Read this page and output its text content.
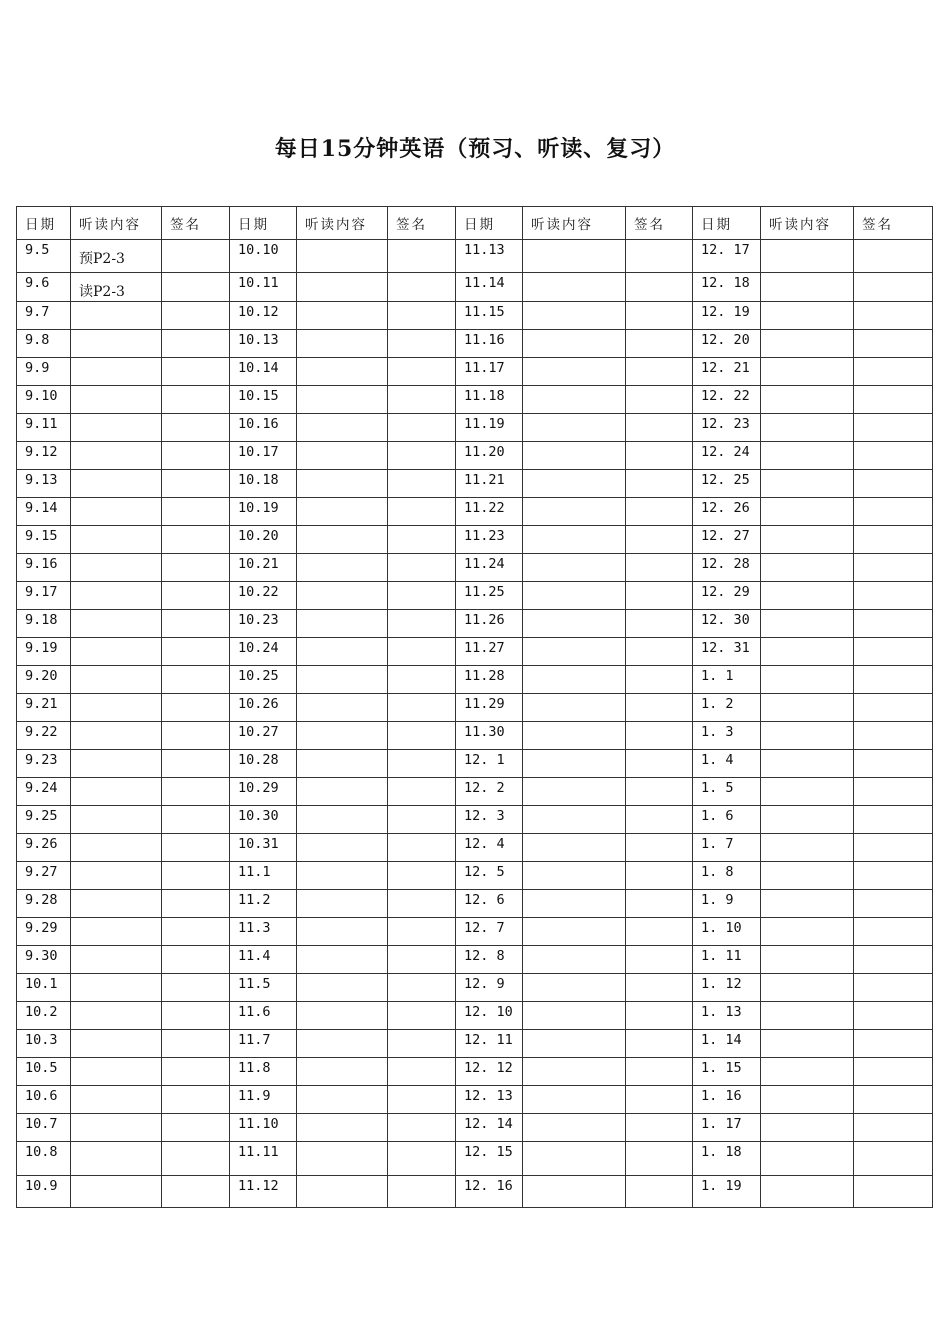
每日15分钟英语（预习、听读、复习）
日期	听读内容	签名	日期	听读内容	签名	日期	听读内容	签名	日期	听读内容	签名
9.5	预P2-3		10.10			11.13			12. 17		
9.6	读P2-3		10.11			11.14			12. 18		
9.7			10.12			11.15			12. 19		
9.8			10.13			11.16			12. 20		
9.9			10.14			11.17			12. 21		
9.10			10.15			11.18			12. 22		
9.11			10.16			11.19			12. 23		
9.12			10.17			11.20			12. 24		
9.13			10.18			11.21			12. 25		
9.14			10.19			11.22			12. 26		
9.15			10.20			11.23			12. 27		
9.16			10.21			11.24			12. 28		
9.17			10.22			11.25			12. 29		
9.18			10.23			11.26			12. 30		
9.19			10.24			11.27			12. 31		
9.20			10.25			11.28			1. 1		
9.21			10.26			11.29			1. 2		
9.22			10.27			11.30			1. 3		
9.23			10.28			12. 1			1. 4		
9.24			10.29			12. 2			1. 5		
9.25			10.30			12. 3			1. 6		
9.26			10.31			12. 4			1. 7		
9.27			11.1			12. 5			1. 8		
9.28			11.2			12. 6			1. 9		
9.29			11.3			12. 7			1. 10		
9.30			11.4			12. 8			1. 11		
10.1			11.5			12. 9			1. 12		
10.2			11.6			12. 10			1. 13		
10.3			11.7			12. 11			1. 14		
10.5			11.8			12. 12			1. 15		
10.6			11.9			12. 13			1. 16		
10.7			11.10			12. 14			1. 17		
10.8			11.11			12. 15			1. 18		
10.9			11.12			12. 16			1. 19		
